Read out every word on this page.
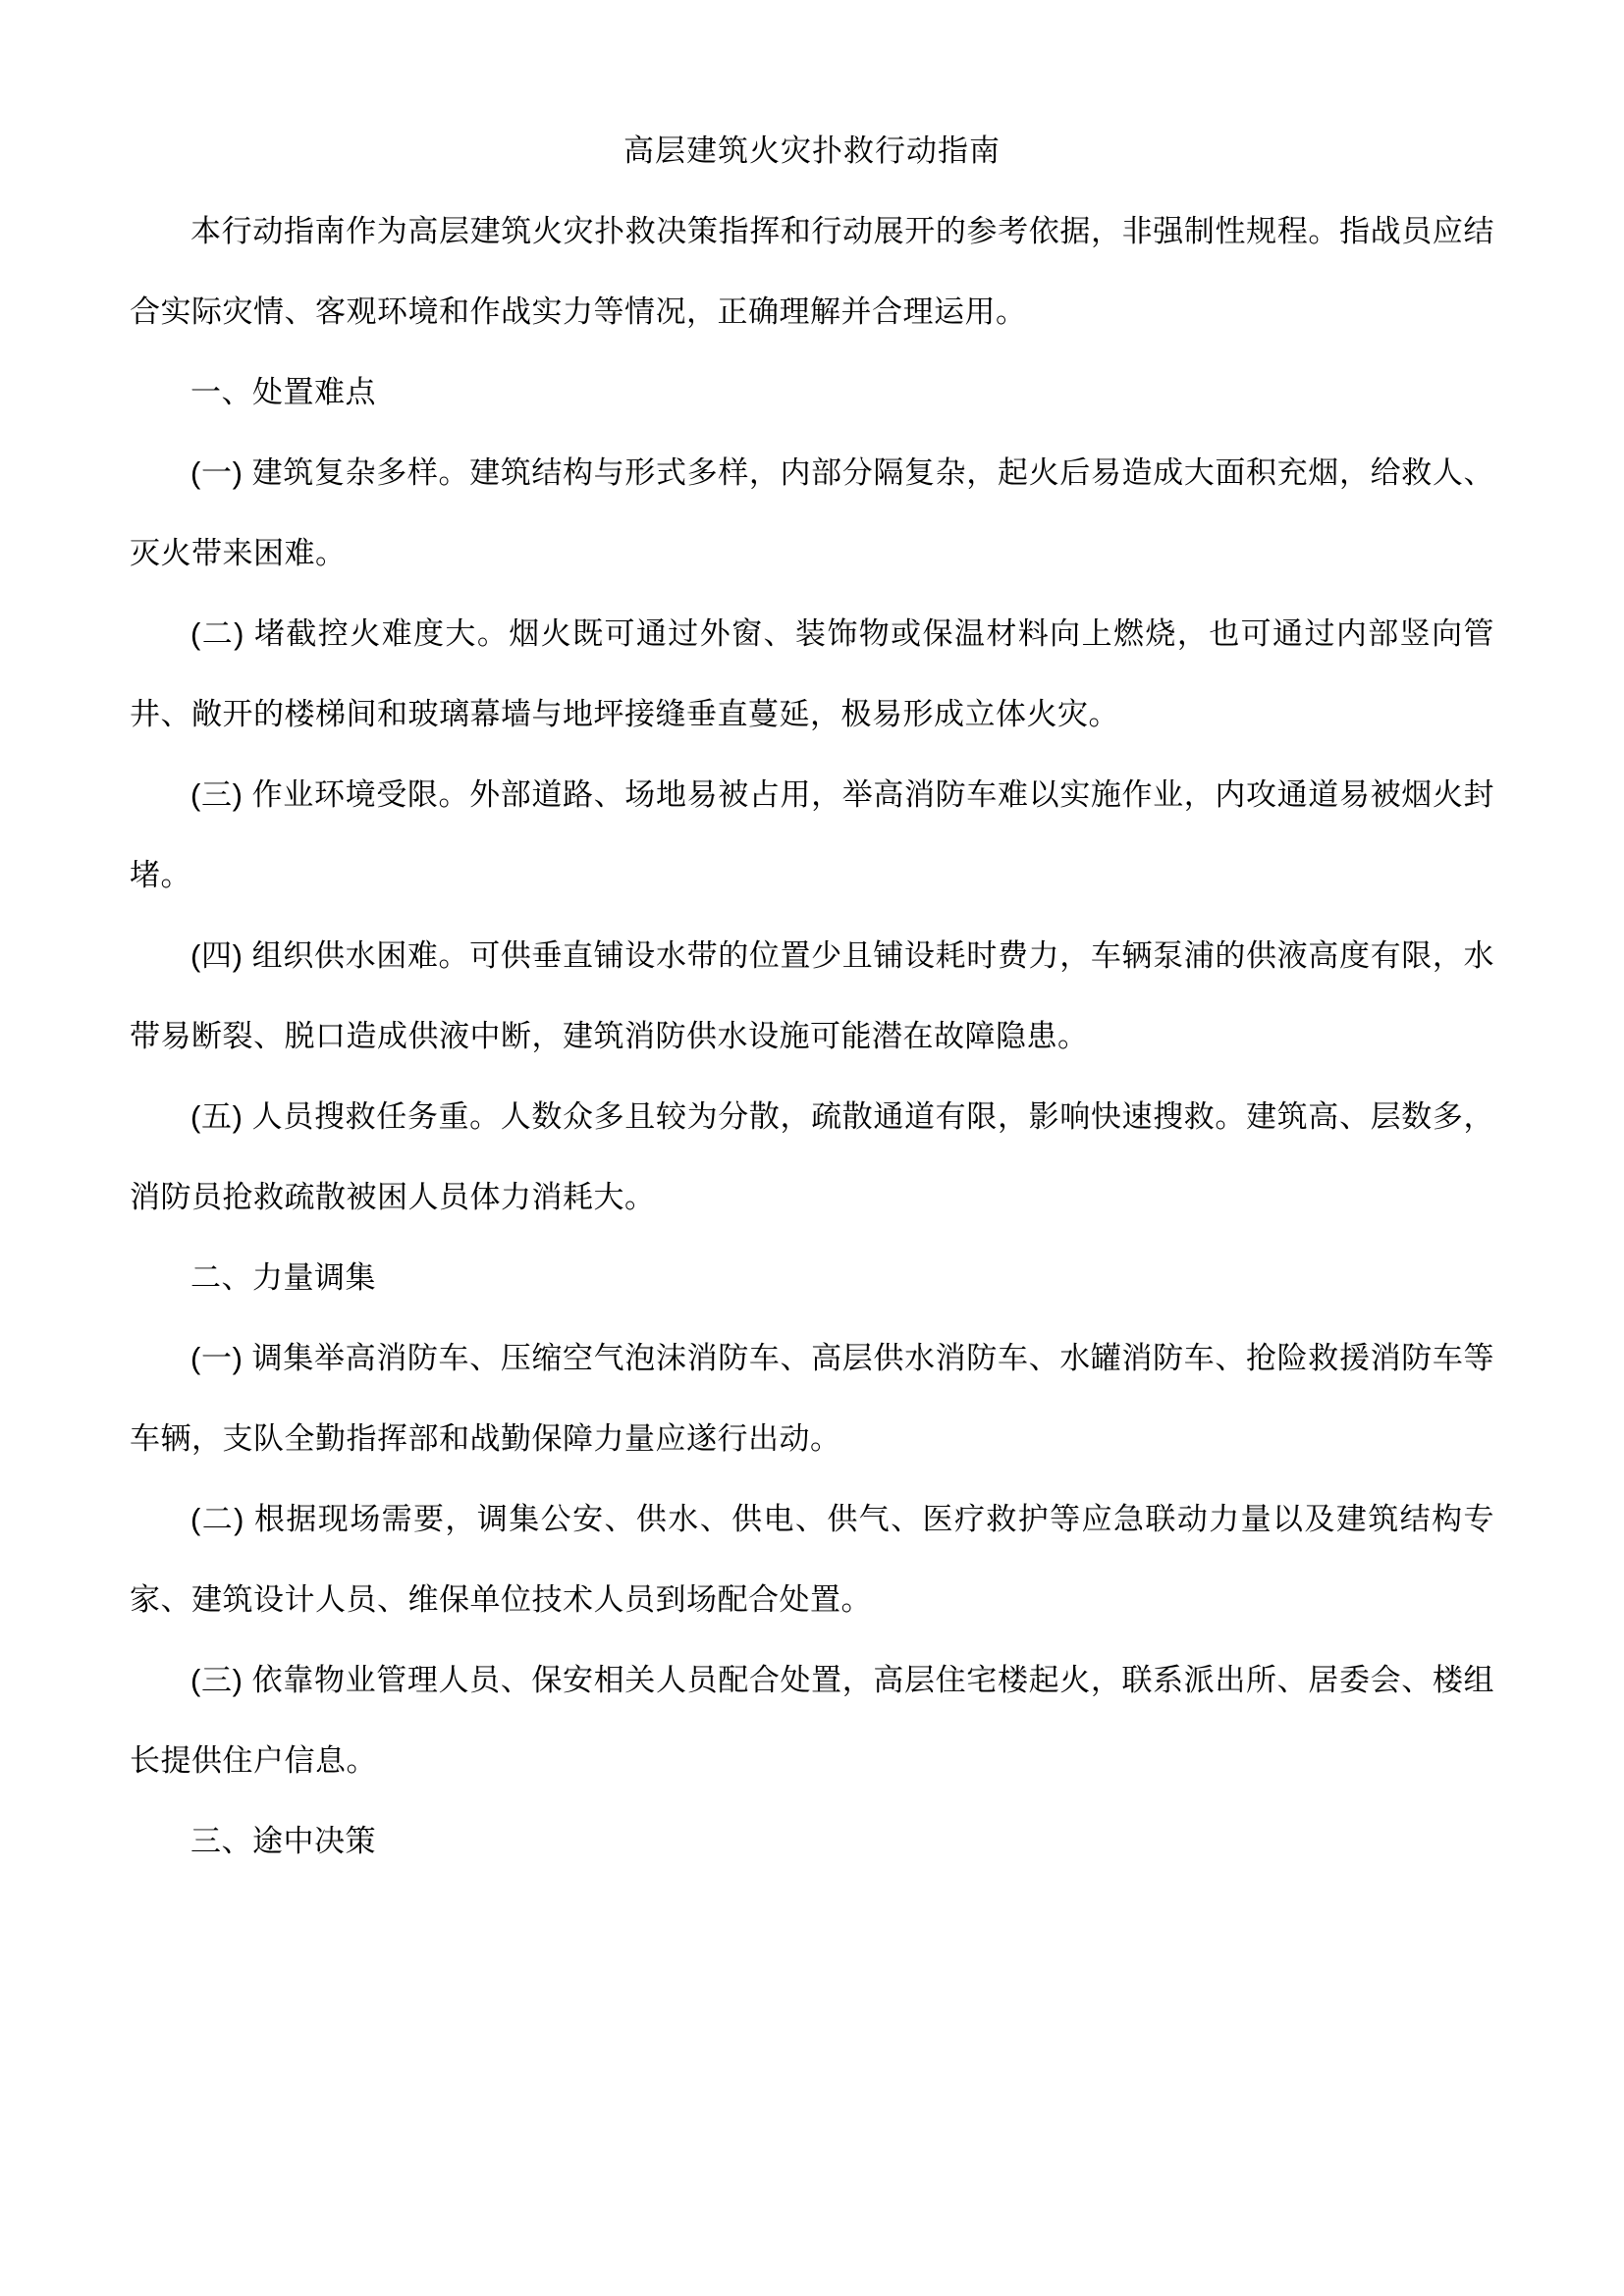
高层建筑火灾扑救行动指南

本行动指南作为高层建筑火灾扑救决策指挥和行动展开的参考依据，非强制性规程。指战员应结合实际灾情、客观环境和作战实力等情况，正确理解并合理运用。

一、处置难点

(一) 建筑复杂多样。建筑结构与形式多样，内部分隔复杂，起火后易造成大面积充烟，给救人、灭火带来困难。

(二) 堵截控火难度大。烟火既可通过外窗、装饰物或保温材料向上燃烧，也可通过内部竖向管井、敞开的楼梯间和玻璃幕墙与地坪接缝垂直蔓延，极易形成立体火灾。

(三) 作业环境受限。外部道路、场地易被占用，举高消防车难以实施作业，内攻通道易被烟火封堵。

(四) 组织供水困难。可供垂直铺设水带的位置少且铺设耗时费力，车辆泵浦的供液高度有限，水带易断裂、脱口造成供液中断，建筑消防供水设施可能潜在故障隐患。

(五) 人员搜救任务重。人数众多且较为分散，疏散通道有限，影响快速搜救。建筑高、层数多，消防员抢救疏散被困人员体力消耗大。

二、力量调集

(一) 调集举高消防车、压缩空气泡沫消防车、高层供水消防车、水罐消防车、抢险救援消防车等车辆，支队全勤指挥部和战勤保障力量应遂行出动。

(二) 根据现场需要，调集公安、供水、供电、供气、医疗救护等应急联动力量以及建筑结构专家、建筑设计人员、维保单位技术人员到场配合处置。

(三) 依靠物业管理人员、保安相关人员配合处置，高层住宅楼起火，联系派出所、居委会、楼组长提供住户信息。

三、途中决策
